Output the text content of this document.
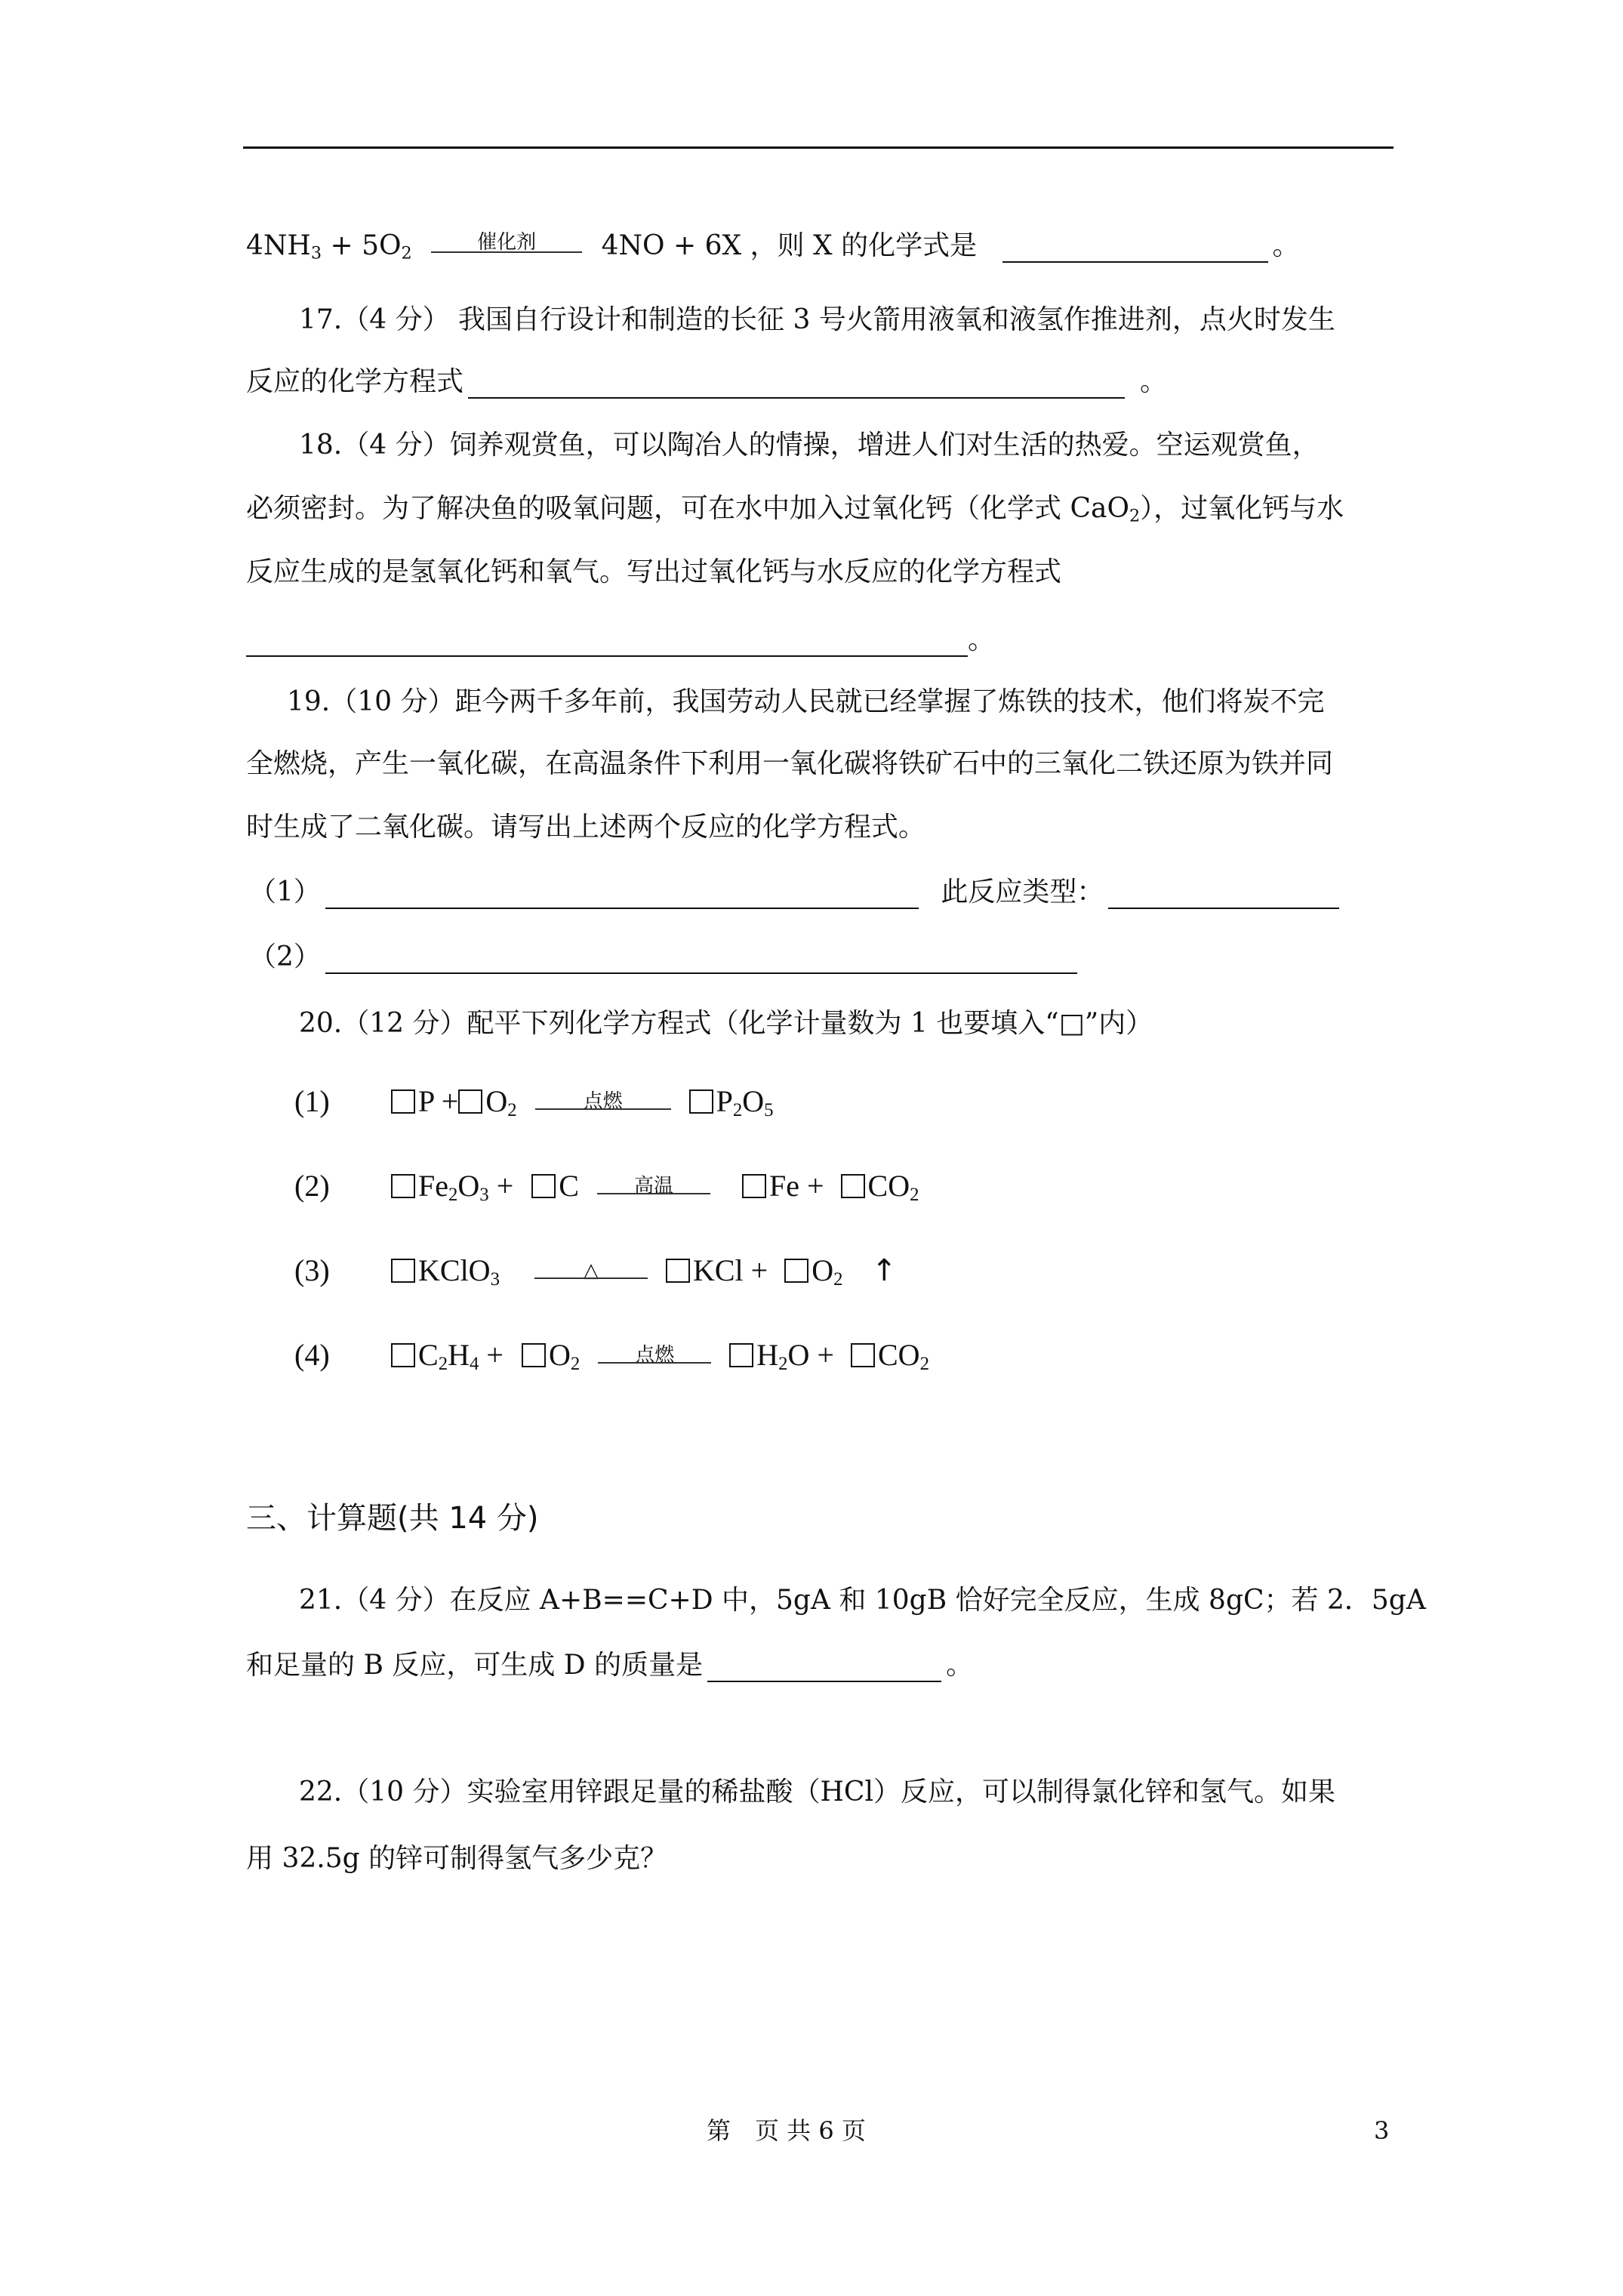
$4NH_3 + 5O_2$	催化剂	4NO + 6X ，则 X 的化学式是	。
17.（4 分） 我国自行设计和制造的长征 3 号火箭用液氧和液氢作推进剂，点火时发生
反应的化学方程式	。
18.（4 分）饲养观赏鱼，可以陶冶人的情操，增进人们对生活的热爱。空运观赏鱼，
必须密封。为了解决鱼的吸氧问题，可在水中加入过氧化钙（化学式 CaO$_2$），过氧化钙与水
反应生成的是氢氧化钙和氧气。写出过氧化钙与水反应的化学方程式
。
19.（10 分）距今两千多年前，我国劳动人民就已经掌握了炼铁的技术，他们将炭不完
全燃烧，产生一氧化碳，在高温条件下利用一氧化碳将铁矿石中的三氧化二铁还原为铁并同
时生成了二氧化碳。请写出上述两个反应的化学方程式。
（1）	此反应类型：
（2）
20.（12 分）配平下列化学方程式（化学计量数为 1 也要填入“□”内）
(1)	$P + O_2$	点燃	$P_2O_5$
(2)	$Fe_2O_3 + C$	高温	$Fe + CO_2$
(3)	KClO$_3$	△	KCl + $O_2$ ↑
(4)	$C_2H_4 + O_2$	点燃	$H_2O + CO_2$
三、计算题(共 14 分)
21.（4 分）在反应 A+B==C+D 中，5gA 和 10gB 恰好完全反应，生成 8gC；若 2．5gA
和足量的 B 反应，可生成 D 的质量是	。
22.（10 分）实验室用锌跟足量的稀盐酸（HCl）反应，可以制得氯化锌和氢气。如果
用 32.5g 的锌可制得氢气多少克？
第　页 共 6 页	3
